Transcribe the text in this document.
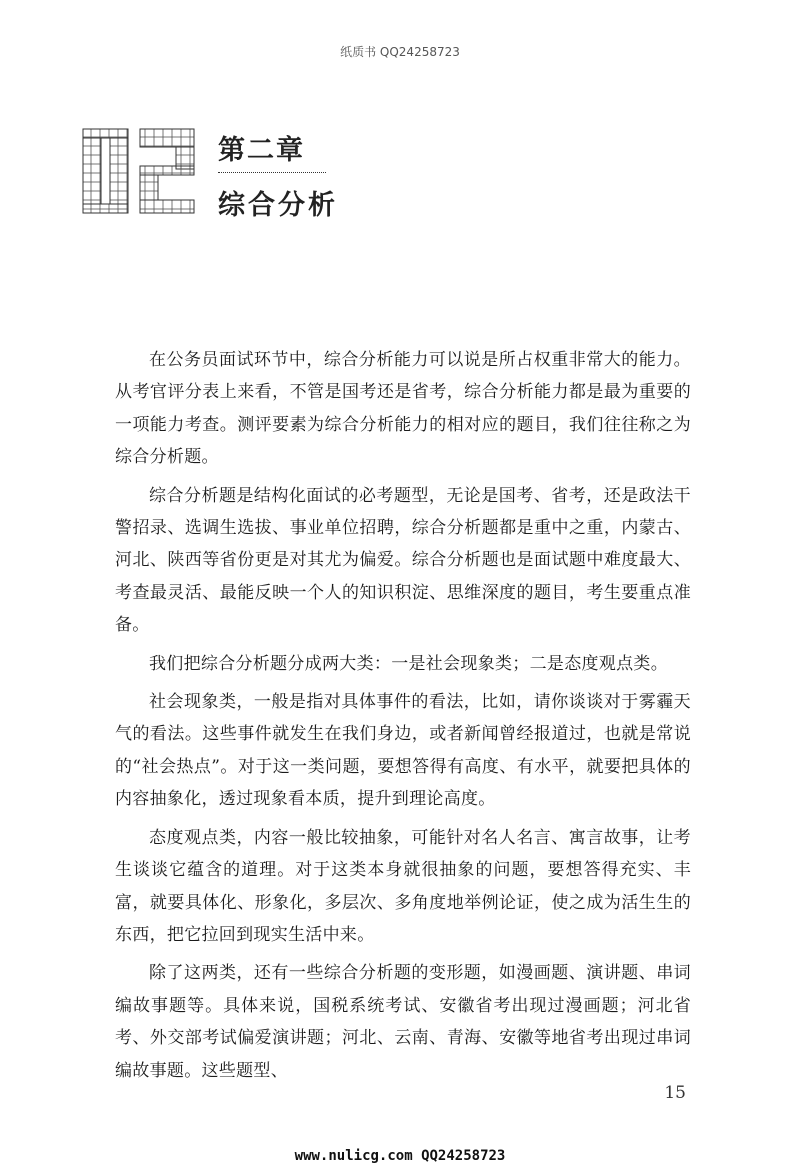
纸质书 QQ24258723
第二章
综合分析

在公务员面试环节中，综合分析能力可以说是所占权重非常大的能力。从考官评分表上来看，不管是国考还是省考，综合分析能力都是最为重要的一项能力考查。测评要素为综合分析能力的相对应的题目，我们往往称之为综合分析题。

综合分析题是结构化面试的必考题型，无论是国考、省考，还是政法干警招录、选调生选拔、事业单位招聘，综合分析题都是重中之重，内蒙古、河北、陕西等省份更是对其尤为偏爱。综合分析题也是面试题中难度最大、考查最灵活、最能反映一个人的知识积淀、思维深度的题目，考生要重点准备。

我们把综合分析题分成两大类：一是社会现象类；二是态度观点类。

社会现象类，一般是指对具体事件的看法，比如，请你谈谈对于雾霾天气的看法。这些事件就发生在我们身边，或者新闻曾经报道过，也就是常说的“社会热点”。对于这一类问题，要想答得有高度、有水平，就要把具体的内容抽象化，透过现象看本质，提升到理论高度。

态度观点类，内容一般比较抽象，可能针对名人名言、寓言故事，让考生谈谈它蕴含的道理。对于这类本身就很抽象的问题，要想答得充实、丰富，就要具体化、形象化，多层次、多角度地举例论证，使之成为活生生的东西，把它拉回到现实生活中来。

除了这两类，还有一些综合分析题的变形题，如漫画题、演讲题、串词编故事题等。具体来说，国税系统考试、安徽省考出现过漫画题；河北省考、外交部考试偏爱演讲题；河北、云南、青海、安徽等地省考出现过串词编故事题。这些题型、

15
www.nulicg.com QQ24258723
